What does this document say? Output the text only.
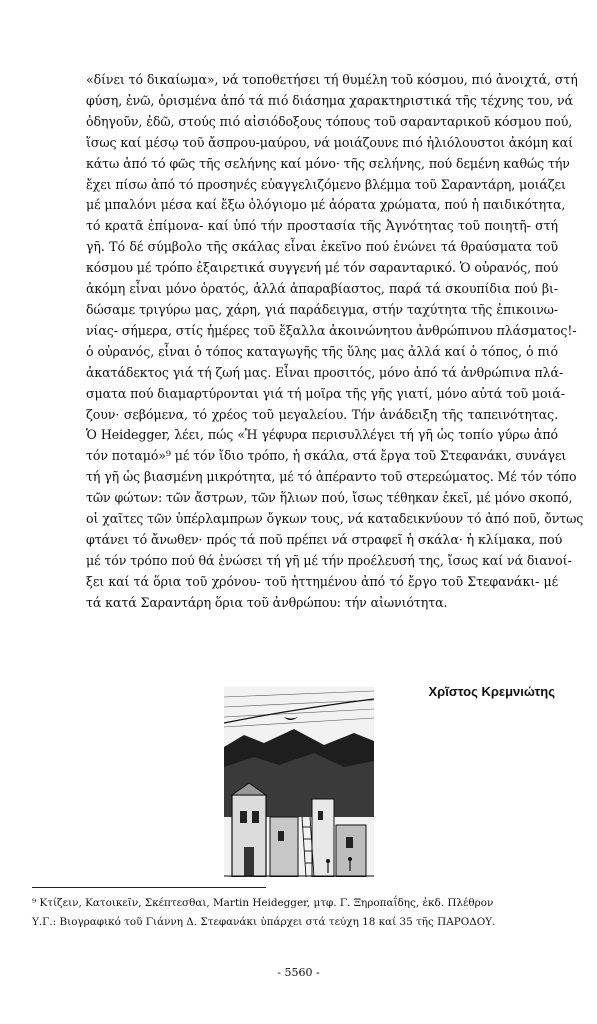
«δίνει τό δικαίωμα», νά τοποθετήσει τή θυμέλη τοῦ κόσμου, πιό ἀνοιχτά, στή
φύση, ἐνῶ, ὁρισμένα ἀπό τά πιό διάσημα χαρακτηριστικά τῆς τέχνης του, νά
ὁδηγοῦν, ἐδῶ, στούς πιό αἰσιόδοξους τόπους τοῦ σαρανταρικοῦ κόσμου πού,
ἴσως καί μέσῳ τοῦ ἄσπρου-μαύρου, νά μοιάζουνε πιό ἡλιόλουστοι ἀκόμη καί
κάτω ἀπό τό φῶς τῆς σελήνης καί μόνο· τῆς σελήνης, πού δεμένη καθώς τήν
ἔχει πίσω ἀπό τό προσηνές εὐαγγελιζόμενο βλέμμα τοῦ Σαραντάρη, μοιάζει
μέ μπαλόνι μέσα καί ἔξω ὁλόγιομο μέ ἀόρατα χρώματα, πού ἡ παιδικότητα,
τό κρατᾶ ἐπίμονα- καί ὑπό τήν προστασία τῆς Ἀγνότητας τοῦ ποιητῆ- στή
γῆ. Τό δέ σύμβολο τῆς σκάλας εἶναι ἐκεῖνο πού ἑνώνει τά θραύσματα τοῦ
κόσμου μέ τρόπο ἐξαιρετικά συγγενή μέ τόν σαρανταρικό. Ὁ οὐρανός, πού
ἀκόμη εἶναι μόνο ὁρατός, ἀλλά ἀπαραβίαστος, παρά τά σκουπίδια πού βι-
δώσαμε τριγύρω μας, χάρη, γιά παράδειγμα, στήν ταχύτητα τῆς ἐπικοινω-
νίας- σήμερα, στίς ἡμέρες τοῦ ἔξαλλα ἀκοινώνητου ἀνθρώπινου πλάσματος!-
ὁ οὐρανός, εἶναι ὁ τόπος καταγωγῆς τῆς ὕλης μας ἀλλά καί ὁ τόπος, ὁ πιό
ἀκατάδεκτος γιά τή ζωή μας. Εἶναι προσιτός, μόνο ἀπό τά ἀνθρώπινα πλά-
σματα πού διαμαρτύρονται γιά τή μοῖρα τῆς γῆς γιατί, μόνο αὐτά τοῦ μοιά-
ζουν· σεβόμενα, τό χρέος τοῦ μεγαλείου. Τήν ἀνάδειξη τῆς ταπεινότητας.
Ὁ Heidegger, λέει, πώς «Ἡ γέφυρα περισυλλέγει τή γῆ ὡς τοπίο γύρω ἀπό
τόν ποταμό»⁹ μέ τόν ἴδιο τρόπο, ἡ σκάλα, στά ἔργα τοῦ Στεφανάκι, συνάγει
τή γῆ ὡς βιασμένη μικρότητα, μέ τό ἀπέραντο τοῦ στερεώματος. Μέ τόν τόπο
τῶν φώτων: τῶν ἄστρων, τῶν ἥλιων πού, ἴσως τέθηκαν ἐκεῖ, μέ μόνο σκοπό,
οἱ χαῖτες τῶν ὑπέρλαμπρων ὄγκων τους, νά καταδεικνύουν τό ἀπό ποῦ, ὄντως
φτάνει τό ἄνωθεν· πρός τά ποῦ πρέπει νά στραφεῖ ἡ σκάλα· ἡ κλίμακα, πού
μέ τόν τρόπο πού θά ἑνώσει τή γῆ μέ τήν προέλευσή της, ἴσως καί νά διανοί-
ξει καί τά ὅρια τοῦ χρόνου- τοῦ ἡττημένου ἀπό τό ἔργο τοῦ Στεφανάκι- μέ
τά κατά Σαραντάρη ὅρια τοῦ ἀνθρώπου: τήν αἰωνιότητα.
Χρῖστος Κρεμνιώτης
⁹ Κτίζειν, Κατοικεῖν, Σκέπτεσθαι, Martin Heidegger, μτφ. Γ. Ξηροπαΐδης, ἐκδ. Πλέθρον
Υ.Γ.: Βιογραφικό τοῦ Γιάννη Δ. Στεφανάκι ὑπάρχει στά τεύχη 18 καί 35 τῆς ΠΑΡΟΔΟΥ.
- 5560 -
